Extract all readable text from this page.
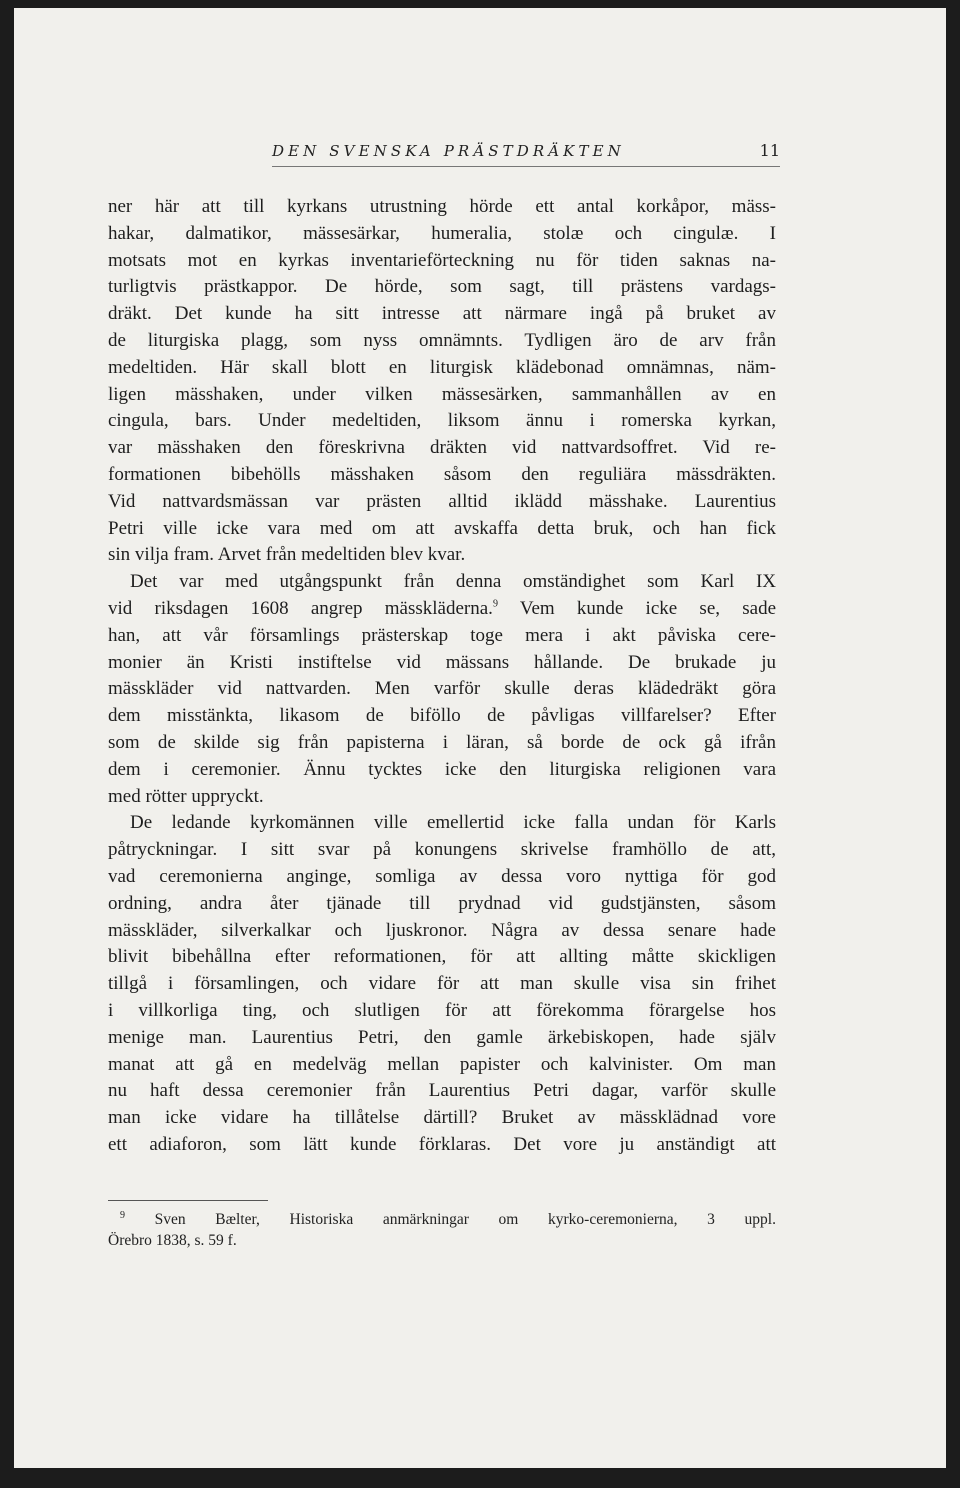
DEN SVENSKA PRÄSTDRÄKTEN	11
ner här att till kyrkans utrustning hörde ett antal korkåpor, mäss-
hakar, dalmatikor, mässesärkar, humeralia, stolæ och cingulæ. I
motsats mot en kyrkas inventarieförteckning nu för tiden saknas na-
turligtvis prästkappor. De hörde, som sagt, till prästens vardags-
dräkt. Det kunde ha sitt intresse att närmare ingå på bruket av
de liturgiska plagg, som nyss omnämnts. Tydligen äro de arv från
medeltiden. Här skall blott en liturgisk klädebonad omnämnas, näm-
ligen mässhaken, under vilken mässesärken, sammanhållen av en
cingula, bars. Under medeltiden, liksom ännu i romerska kyrkan,
var mässhaken den föreskrivna dräkten vid nattvardsoffret. Vid re-
formationen bibehölls mässhaken såsom den reguliära mässdräkten.
Vid nattvardsmässan var prästen alltid iklädd mässhake. Laurentius
Petri ville icke vara med om att avskaffa detta bruk, och han fick
sin vilja fram. Arvet från medeltiden blev kvar.
Det var med utgångspunkt från denna omständighet som Karl IX
vid riksdagen 1608 angrep mässkläderna.$^9$ Vem kunde icke se, sade
han, att vår församlings prästerskap toge mera i akt påviska cere-
monier än Kristi instiftelse vid mässans hållande. De brukade ju
mässkläder vid nattvarden. Men varför skulle deras klädedräkt göra
dem misstänkta, likasom de biföllo de påvligas villfarelser? Efter
som de skilde sig från papisterna i läran, så borde de ock gå ifrån
dem i ceremonier. Ännu tycktes icke den liturgiska religionen vara
med rötter uppryckt.
De ledande kyrkomännen ville emellertid icke falla undan för Karls
påtryckningar. I sitt svar på konungens skrivelse framhöllo de att,
vad ceremonierna anginge, somliga av dessa voro nyttiga för god
ordning, andra åter tjänade till prydnad vid gudstjänsten, såsom
mässkläder, silverkalkar och ljuskronor. Några av dessa senare hade
blivit bibehållna efter reformationen, för att allting måtte skickligen
tillgå i församlingen, och vidare för att man skulle visa sin frihet
i villkorliga ting, och slutligen för att förekomma förargelse hos
menige man. Laurentius Petri, den gamle ärkebiskopen, hade själv
manat att gå en medelväg mellan papister och kalvinister. Om man
nu haft dessa ceremonier från Laurentius Petri dagar, varför skulle
man icke vidare ha tillåtelse därtill? Bruket av mässklädnad vore
ett adiaforon, som lätt kunde förklaras. Det vore ju anständigt att
$^9$ Sven Bælter, Historiska anmärkningar om kyrko-ceremonierna, 3 uppl.
Örebro 1838, s. 59 f.
